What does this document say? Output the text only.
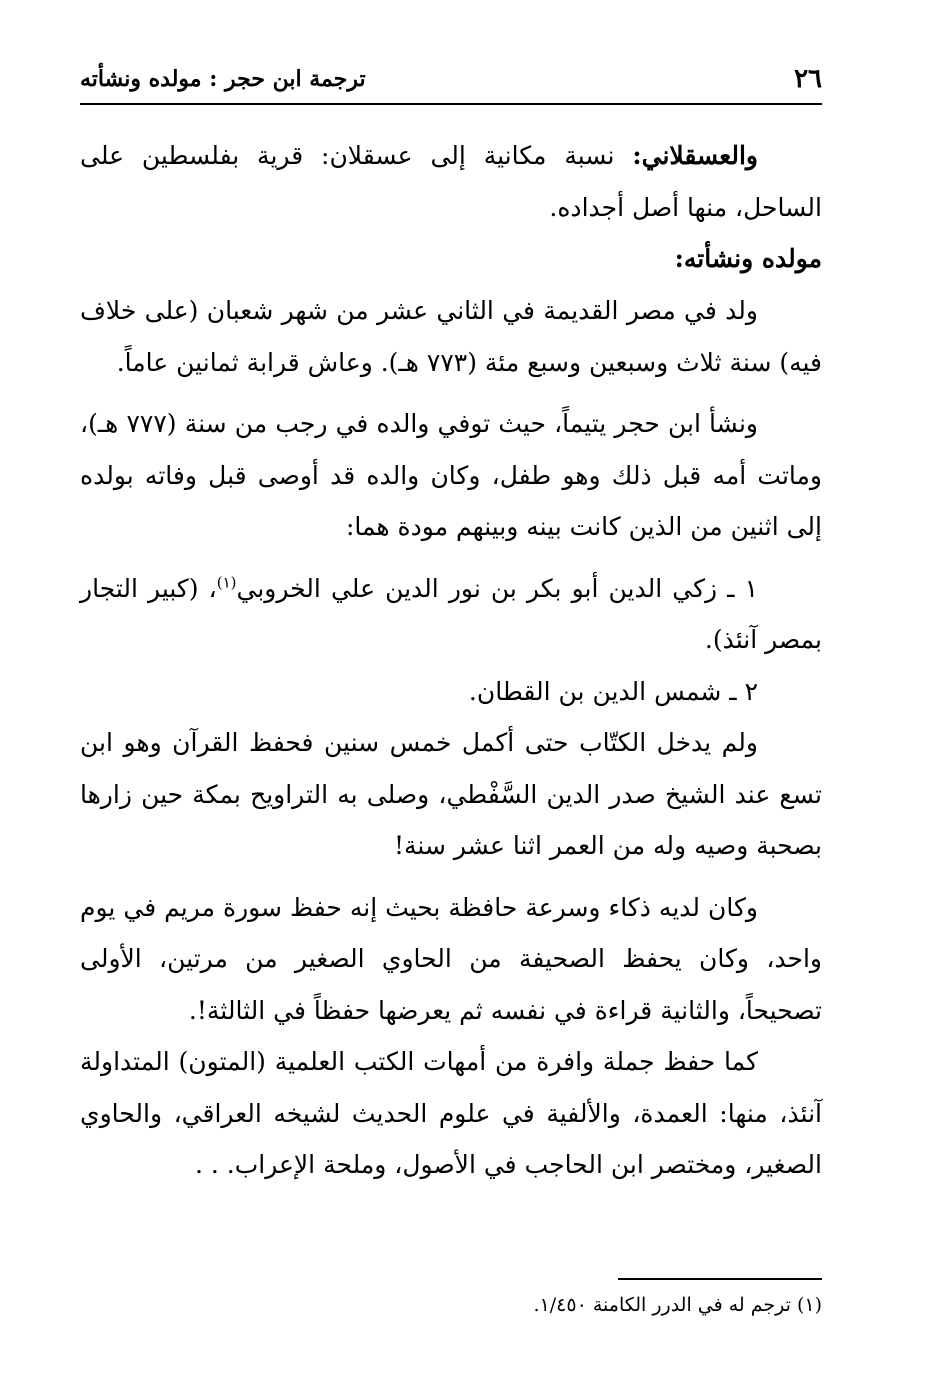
٢٦
ترجمة ابن حجر : مولده ونشأته

والعسقلاني: نسبة مكانية إلى عسقلان: قرية بفلسطين على الساحل، منها أصل أجداده.

مولده ونشأته:

ولد في مصر القديمة في الثاني عشر من شهر شعبان (على خلاف فيه) سنة ثلاث وسبعين وسبع مئة (٧٧٣ هـ). وعاش قرابة ثمانين عاماً.

ونشأ ابن حجر يتيماً، حيث توفي والده في رجب من سنة (٧٧٧ هـ)، وماتت أمه قبل ذلك وهو طفل، وكان والده قد أوصى قبل وفاته بولده إلى اثنين من الذين كانت بينه وبينهم مودة هما:

١ ـ زكي الدين أبو بكر بن نور الدين علي الخروبي$^{(١)}$، (كبير التجار بمصر آنئذ).

٢ ـ شمس الدين بن القطان.

ولم يدخل الكتّاب حتى أكمل خمس سنين فحفظ القرآن وهو ابن تسع عند الشيخ صدر الدين السَّفْطي، وصلى به التراويح بمكة حين زارها بصحبة وصيه وله من العمر اثنا عشر سنة!

وكان لديه ذكاء وسرعة حافظة بحيث إنه حفظ سورة مريم في يوم واحد، وكان يحفظ الصحيفة من الحاوي الصغير من مرتين، الأولى تصحيحاً، والثانية قراءة في نفسه ثم يعرضها حفظاً في الثالثة!.

كما حفظ جملة وافرة من أمهات الكتب العلمية (المتون) المتداولة آنئذ، منها: العمدة، والألفية في علوم الحديث لشيخه العراقي، والحاوي الصغير، ومختصر ابن الحاجب في الأصول، وملحة الإعراب. . .

(١) ترجم له في الدرر الكامنة ١/٤٥٠.
